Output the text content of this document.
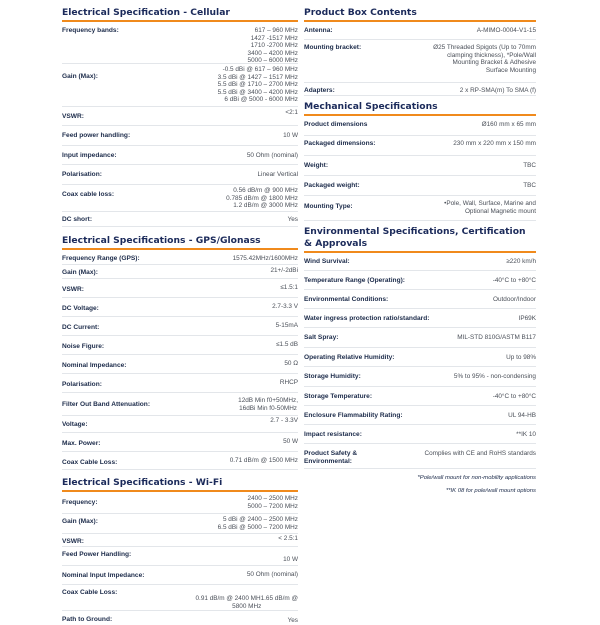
Electrical Specification - Cellular
Frequency bands:	617 – 960 MHz
1427 -1517 MHz
1710 -2700 MHz
3400 – 4200 MHz
5000 – 6000 MHz
Gain (Max):
-0.5 dBi @ 617 – 960 MHz
3.5 dBi @ 1427 – 1517 MHz
5.5 dBi @ 1710 – 2700 MHz
5.5 dBi @ 3400 – 4200 MHz
6 dBi @ 5000 - 6000 MHz
VSWR:
<2:1
Feed power handling:	10 W
Input impedance:	50 Ohm (nominal)
Polarisation:	Linear Vertical
Coax cable loss:
0.56 dB/m @ 900 MHz
0.785 dB/m @ 1800 MHz
1.2 dB/m @ 3000 MHz
DC short:	Yes
Electrical Specifications - GPS/Glonass
Frequency Range (GPS):	1575.42MHz/1600MHz
Gain (Max):	21+/-2dBi
VSWR:	≤1.5:1
DC Voltage:	2.7-3.3 V
DC Current:	5-15mA
Noise Figure:	≤1.5 dB
Nominal Impedance:	50 Ω
Polarisation:	RHCP
Filter Out Band Attenuation:
12dB Min f0+50MHz,
16dBi Min f0-50MHz
Voltage:
2.7 - 3.3V
Max. Power:	50 W
Coax Cable Loss:	0.71 dB/m @ 1500 MHz
Electrical Specifications - Wi-Fi
Frequency:
2400 – 2500 MHz
5000 – 7200 MHz
Gain (Max):	5 dBi @ 2400 – 2500 MHz
6.5 dBi @ 5000 – 7200 MHz
VSWR:	< 2.5:1
Feed Power Handling:
10 W
Nominal Input Impedance:	50 Ohm (nominal)
Coax Cable Loss:
0.91 dB/m @ 2400 MH1.65 dB/m @
5800 MHz
Path to Ground:	Yes
Product Box Contents
Antenna:	A-MIMO-0004-V1-15
Mounting bracket:	Ø25 Threaded Spigots (Up to 70mm
clamping thickness), *Pole/Wall
Mounting Bracket & Adhesive
Surface Mounting
Adapters:	2 x RP-SMA(m) To SMA (f)
Mechanical Specifications
Product dimensions	Ø160 mm x 65 mm
Packaged dimensions:	230 mm x 220 mm x 150 mm
Weight:	TBC
Packaged weight:	TBC
Mounting Type:	•Pole, Wall, Surface, Marine and
Optional Magnetic mount
Environmental Specifications, Certification & Approvals
Wind Survival:	≥220 km/h
Temperature Range (Operating):	-40°C to +80°C
Environmental Conditions:	Outdoor/Indoor
Water ingress protection ratio/standard:	IP69K
Salt Spray:	MIL-STD 810G/ASTM B117
Operating Relative Humidity:	Up to 98%
Storage Humidity:	5% to 95% - non-condensing
Storage Temperature:	-40°C to +80°C
Enclosure Flammability Rating:	UL 94-HB
Impact resistance:	**IK 10
Product Safety &
Environmental:
Complies with CE and RoHS standards
*Pole/wall mount for non-mobility applications
**IK 08 for pole/wall mount options
